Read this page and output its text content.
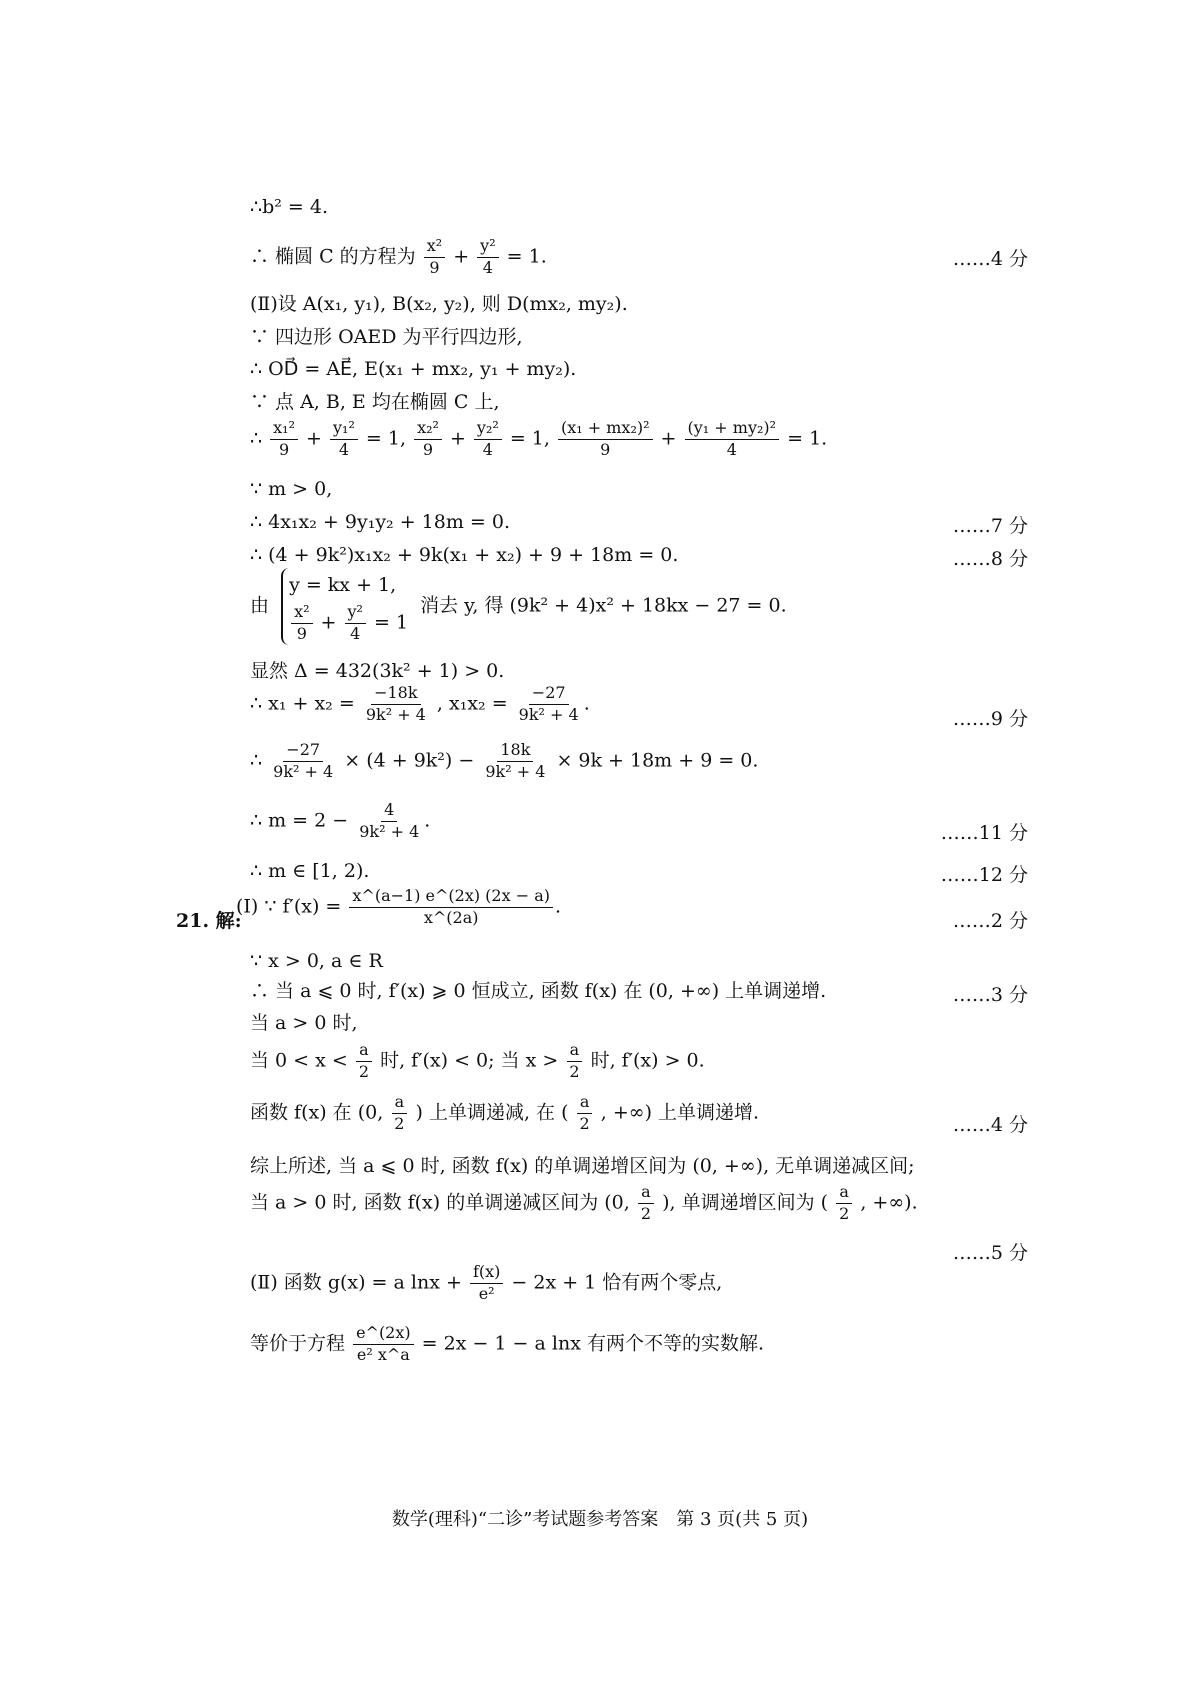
∴b² = 4.
∴ 椭圆 C 的方程为 $\frac{\text{x²}}{9} + \frac{\text{y²}}{4} = 1$.	……4 分
(Ⅱ)设 A(x₁, y₁), B(x₂, y₂), 则 D(mx₂, my₂).
∵ 四边形 OAED 为平行四边形,
∴ OD⃗ = AE⃗, E(x₁ + mx₂, y₁ + my₂).
∵ 点 A, B, E 均在椭圆 C 上,
∴ $\frac{\text{x₁²}}{9} + \frac{\text{y₁²}}{4} = 1$, $\frac{\text{x₂²}}{9} + \frac{\text{y₂²}}{4} = 1$, $\frac{\text{(x₁ + mx₂)²}}{9} + \frac{\text{(y₁ + my₂)²}}{4} = 1$.
∵ m > 0,
∴ 4x₁x₂ + 9y₁y₂ + 18m = 0.	……7 分
∴ (4 + 9k²)x₁x₂ + 9k(x₁ + x₂) + 9 + 18m = 0.	……8 分
由
y = kx + 1,
$\frac{\text{x²}}{9} + \frac{\text{y²}}{4} = 1$
消去 y, 得 (9k² + 4)x² + 18kx − 27 = 0.
显然 Δ = 432(3k² + 1) > 0.
∴ $x_1 + x_2 = \frac{-18k}{\text{9k² + 4}}$ , $x_1x_2 = \frac{-27}{\text{9k² + 4}}$ .
……9 分
∴ $\frac{-27}{\text{9k² + 4}} \times (4 + 9k^2) - \frac{18k}{\text{9k² + 4}} \times 9k + 18m + 9 = 0$.
∴ $m = 2 - \frac{4}{\text{9k² + 4}}$ .
……11 分
∴ m ∈ [1, 2).	……12 分
21. 解:
(Ⅰ) ∵ $f'(x) = \frac{x\^{}(a-1) e\^{}(2x) (2x - a)}{x\^{}(2a)}$ .
……2 分
∵ x > 0, a ∈ R
∴ 当 a ⩽ 0 时, f′(x) ⩾ 0 恒成立, 函数 f(x) 在 (0, +∞) 上单调递增.	……3 分
当 a > 0 时,
当 $0 < x < \frac{a}{2}$ 时, f′(x) < 0; 当 $x > \frac{a}{2}$ 时, f′(x) > 0.
函数 f(x) 在 (0, $\frac{a}{2}$ ) 上单调递减, 在 ( $\frac{a}{2}$ , +∞) 上单调递增.
……4 分
综上所述, 当 a ⩽ 0 时, 函数 f(x) 的单调递增区间为 (0, +∞), 无单调递减区间;
当 a > 0 时, 函数 f(x) 的单调递减区间为 (0, $\frac{a}{2}$ ), 单调递增区间为 ( $\frac{a}{2}$ , +∞).
……5 分
(Ⅱ) 函数 g(x) = a $\ln x + \frac{f(x)}{\text{e²}} - 2x + 1$ 恰有两个零点,
等价于方程 $\frac{e\^{}(2x)}{\text{e² x\textasciicircum{}a}} = 2x - 1 - a$ lnx 有两个不等的实数解.
数学(理科)“二诊”考试题参考答案　第 3 页(共 5 页)
